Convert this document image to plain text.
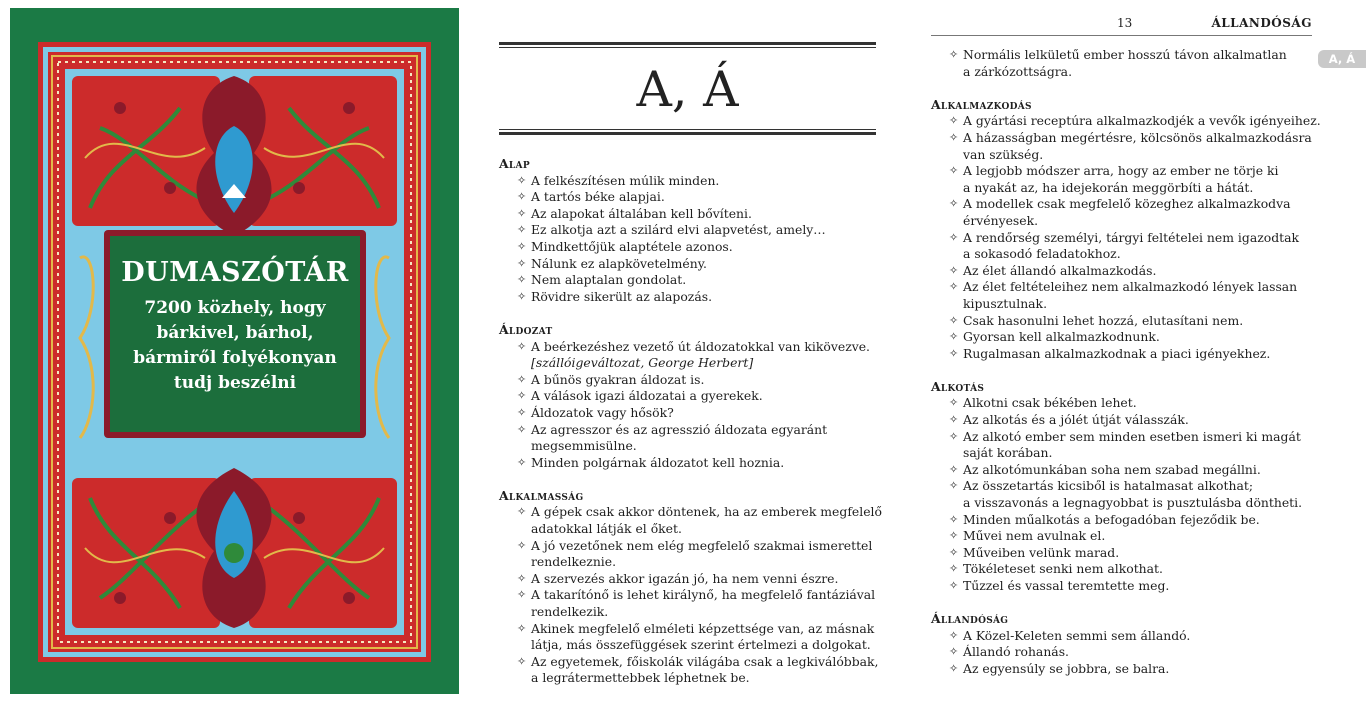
DUMASZÓTÁR
7200 közhely, hogy
bárkivel, bárhol,
bármiről folyékonyan
tudj beszélni
A, Á
Alap
✧ A felkészítésen múlik minden.
✧ A tartós béke alapjai.
✧ Az alapokat általában kell bővíteni.
✧ Ez alkotja azt a szilárd elvi alapvetést, amely…
✧ Mindkettőjük alaptétele azonos.
✧ Nálunk ez alapkövetelmény.
✧ Nem alaptalan gondolat.
✧ Rövidre sikerült az alapozás.
Áldozat
✧ A beérkezéshez vezető út áldozatokkal van kikövezve.
[szállóigeváltozat, George Herbert]
✧ A bűnös gyakran áldozat is.
✧ A válások igazi áldozatai a gyerekek.
✧ Áldozatok vagy hősök?
✧ Az agresszor és az agresszió áldozata egyaránt
megsemmisülne.
✧ Minden polgárnak áldozatot kell hoznia.
Alkalmasság
✧ A gépek csak akkor döntenek, ha az emberek megfelelő
adatokkal látják el őket.
✧ A jó vezetőnek nem elég megfelelő szakmai ismerettel
rendelkeznie.
✧ A szervezés akkor igazán jó, ha nem venni észre.
✧ A takarítónő is lehet királynő, ha megfelelő fantáziával
rendelkezik.
✧ Akinek megfelelő elméleti képzettsége van, az másnak
látja, más összefüggések szerint értelmezi a dolgokat.
✧ Az egyetemek, főiskolák világába csak a legkiválóbbak,
a legrátermettebbek léphetnek be.
13	ÁLLANDÓSÁG
✧ Normális lelkületű ember hosszú távon alkalmatlan
a zárkózottságra.
Alkalmazkodás
✧ A gyártási receptúra alkalmazkodjék a vevők igényeihez.
✧ A házasságban megértésre, kölcsönös alkalmazkodásra
van szükség.
✧ A legjobb módszer arra, hogy az ember ne törje ki
a nyakát az, ha idejekorán meggörbíti a hátát.
✧ A modellek csak megfelelő közeghez alkalmazkodva
érvényesek.
✧ A rendőrség személyi, tárgyi feltételei nem igazodtak
a sokasodó feladatokhoz.
✧ Az élet állandó alkalmazkodás.
✧ Az élet feltételeihez nem alkalmazkodó lények lassan
kipusztulnak.
✧ Csak hasonulni lehet hozzá, elutasítani nem.
✧ Gyorsan kell alkalmazkodnunk.
✧ Rugalmasan alkalmazkodnak a piaci igényekhez.
Alkotás
✧ Alkotni csak békében lehet.
✧ Az alkotás és a jólét útját válasszák.
✧ Az alkotó ember sem minden esetben ismeri ki magát
saját korában.
✧ Az alkotómunkában soha nem szabad megállni.
✧ Az összetartás kicsiből is hatalmasat alkothat;
a visszavonás a legnagyobbat is pusztulásba döntheti.
✧ Minden műalkotás a befogadóban fejeződik be.
✧ Művei nem avulnak el.
✧ Műveiben velünk marad.
✧ Tökéleteset senki nem alkothat.
✧ Tűzzel és vassal teremtette meg.
Állandóság
✧ A Közel-Keleten semmi sem állandó.
✧ Állandó rohanás.
✧ Az egyensúly se jobbra, se balra.
A, Á
